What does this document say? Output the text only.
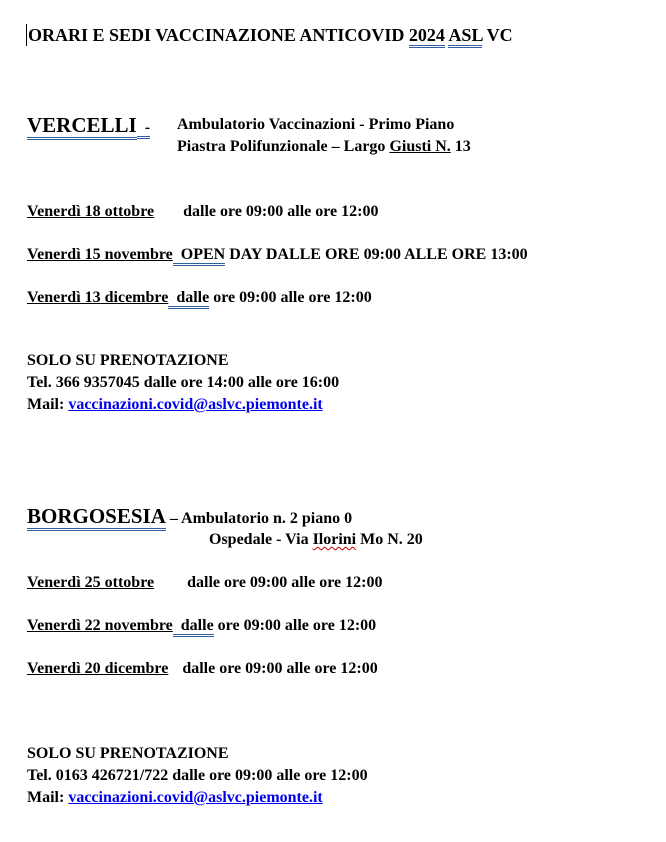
ORARI E SEDI VACCINAZIONE ANTICOVID 2024 ASL VC
VERCELLI  - Ambulatorio Vaccinazioni - Primo Piano
Piastra Polifunzionale – Largo Giusti N. 13
Venerdì 18 ottobre dalle ore 09:00 alle ore 12:00
Venerdì 15 novembre OPEN DAY DALLE ORE 09:00 ALLE ORE 13:00
Venerdì 13 dicembre dalle ore 09:00 alle ore 12:00
SOLO SU PRENOTAZIONE
Tel. 366 9357045 dalle ore 14:00 alle ore 16:00
Mail: vaccinazioni.covid@aslvc.piemonte.it
BORGOSESIA – Ambulatorio n. 2 piano 0
Ospedale - Via Ilorini Mo N. 20
Venerdì 25 ottobre dalle ore 09:00 alle ore 12:00
Venerdì 22 novembre dalle ore 09:00 alle ore 12:00
Venerdì 20 dicembre dalle ore 09:00 alle ore 12:00
SOLO SU PRENOTAZIONE
Tel. 0163 426721/722 dalle ore 09:00 alle ore 12:00
Mail: vaccinazioni.covid@aslvc.piemonte.it
